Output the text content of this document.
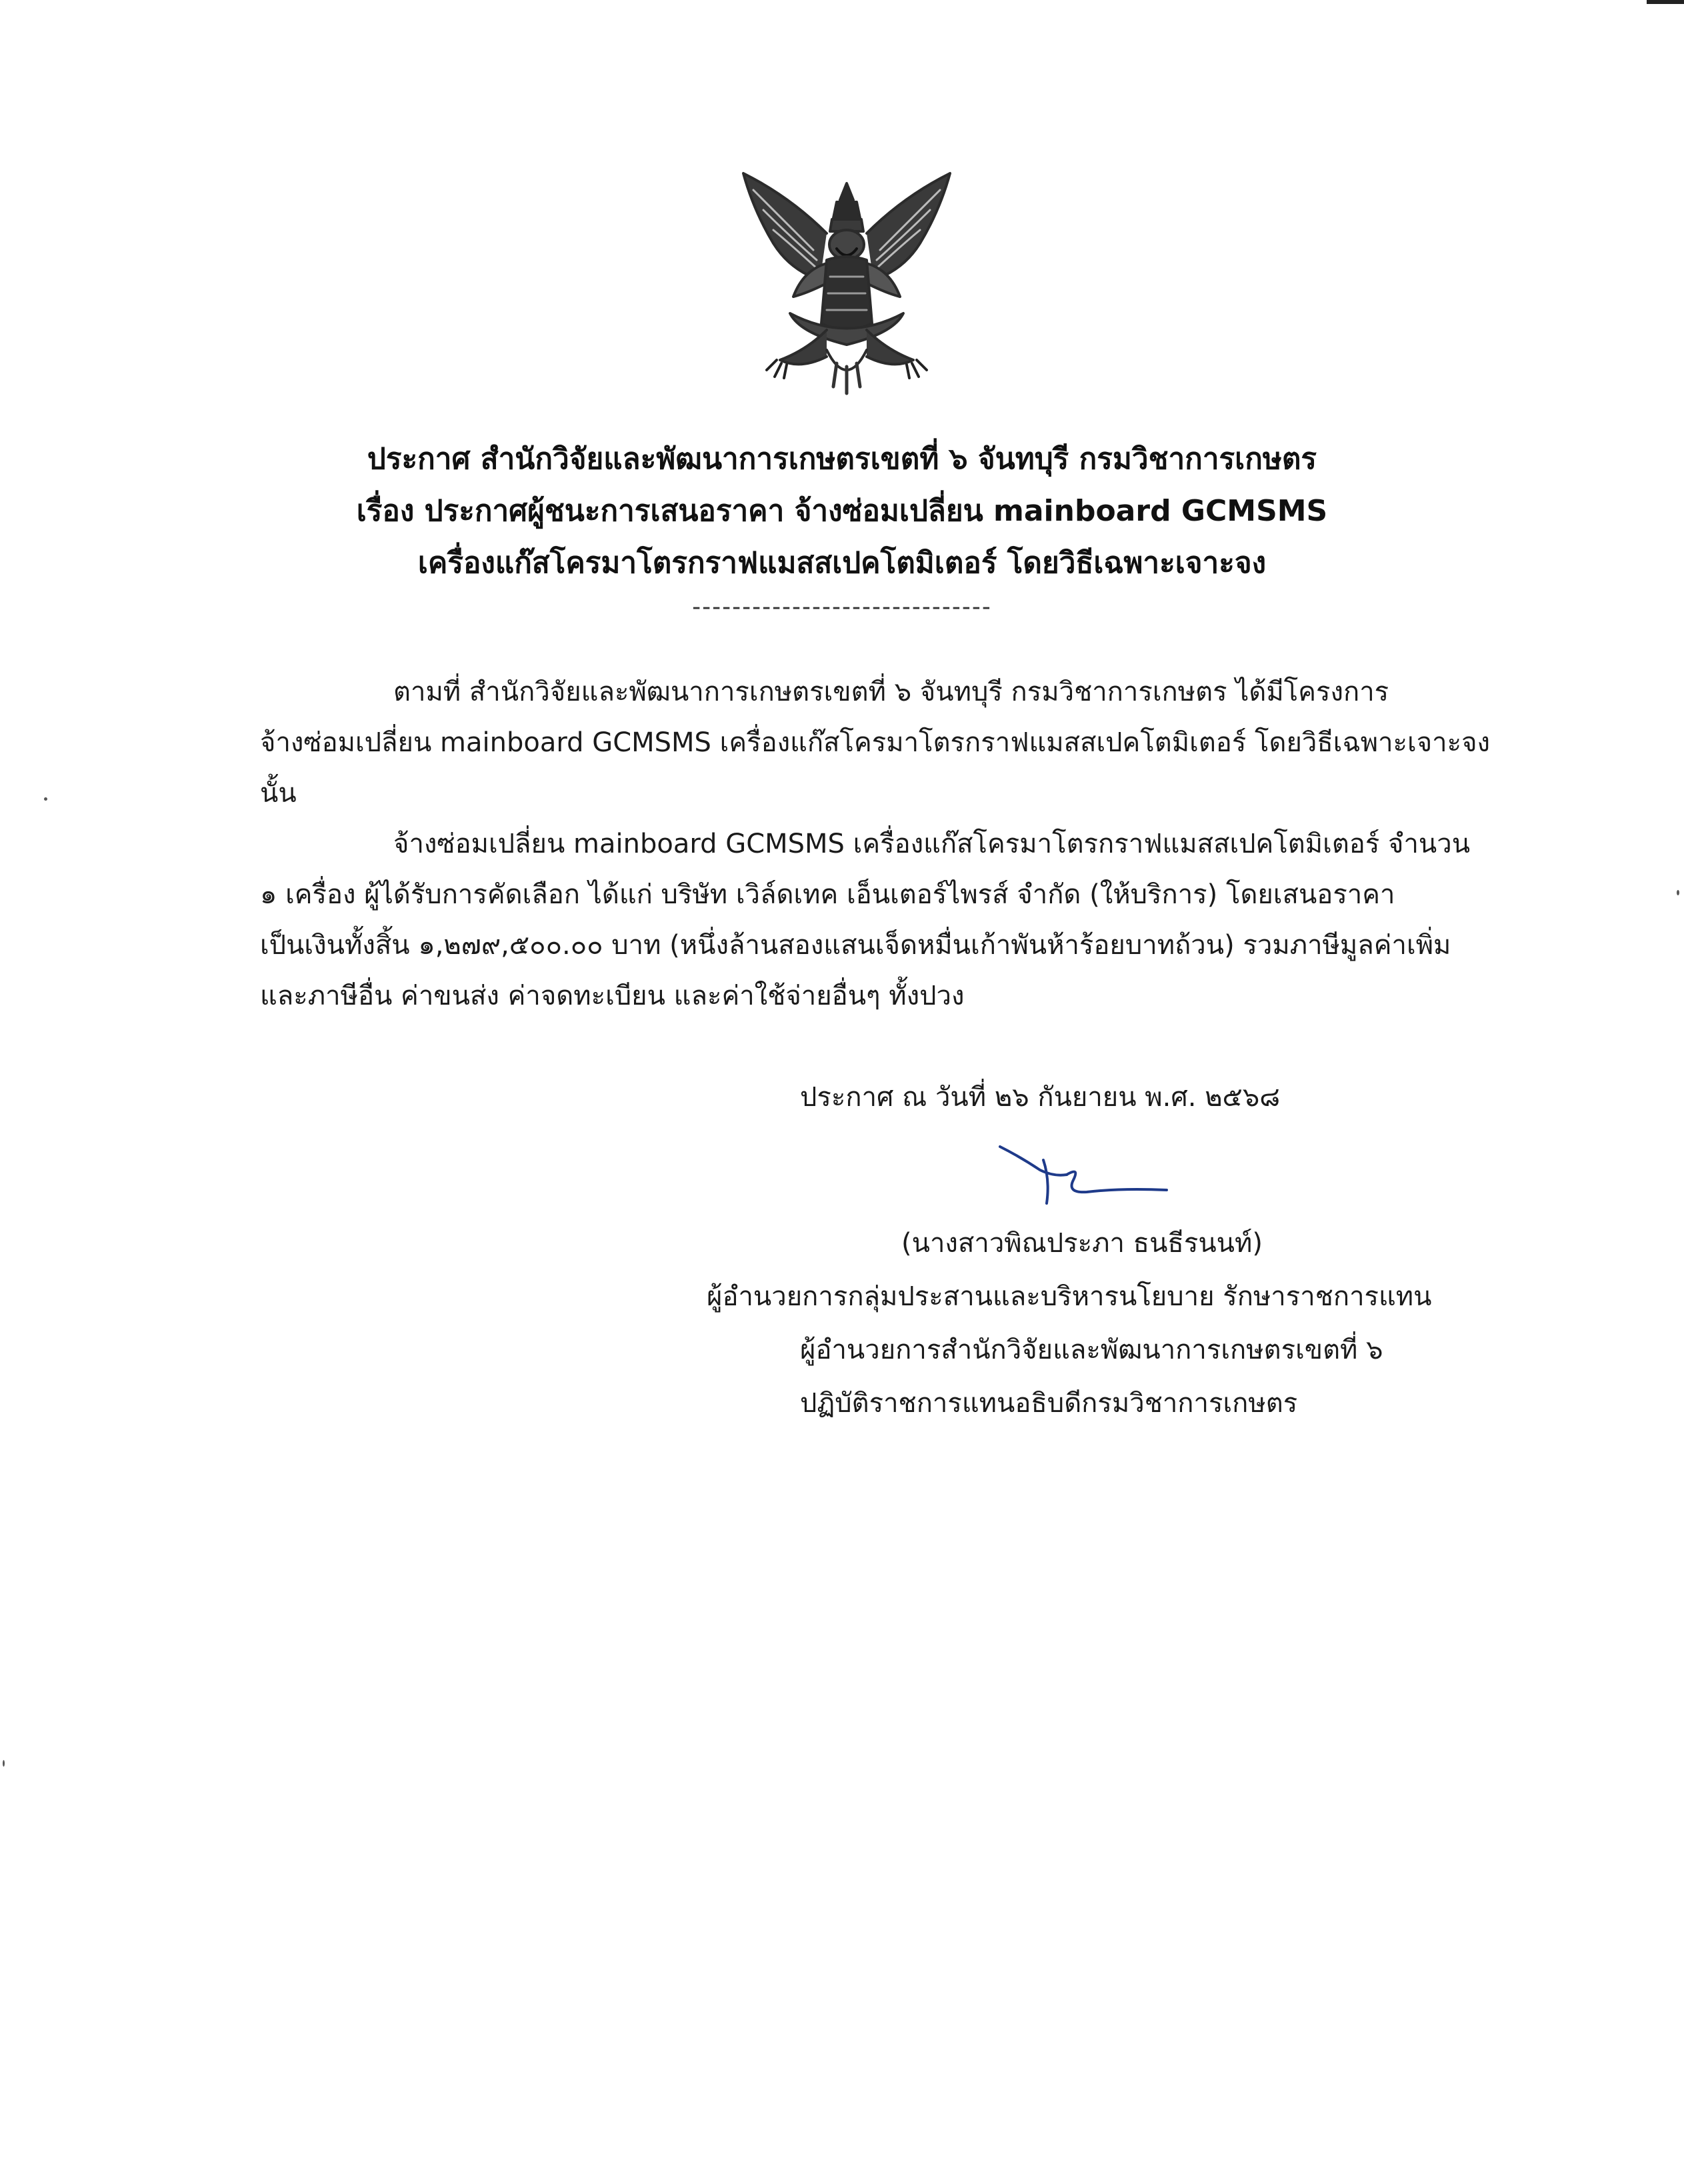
ประกาศ สำนักวิจัยและพัฒนาการเกษตรเขตที่ ๖ จันทบุรี กรมวิชาการเกษตร
เรื่อง ประกาศผู้ชนะการเสนอราคา จ้างซ่อมเปลี่ยน mainboard GCMSMS
เครื่องแก๊สโครมาโตรกราฟแมสสเปคโตมิเตอร์ โดยวิธีเฉพาะเจาะจง
------------------------------
ตามที่ สำนักวิจัยและพัฒนาการเกษตรเขตที่ ๖ จันทบุรี กรมวิชาการเกษตร ได้มีโครงการ
จ้างซ่อมเปลี่ยน mainboard GCMSMS เครื่องแก๊สโครมาโตรกราฟแมสสเปคโตมิเตอร์ โดยวิธีเฉพาะเจาะจง
นั้น
จ้างซ่อมเปลี่ยน mainboard GCMSMS เครื่องแก๊สโครมาโตรกราฟแมสสเปคโตมิเตอร์ จำนวน
๑ เครื่อง ผู้ได้รับการคัดเลือก ได้แก่ บริษัท เวิล์ดเทค เอ็นเตอร์ไพรส์ จำกัด (ให้บริการ) โดยเสนอราคา
เป็นเงินทั้งสิ้น ๑,๒๗๙,๕๐๐.๐๐ บาท (หนึ่งล้านสองแสนเจ็ดหมื่นเก้าพันห้าร้อยบาทถ้วน) รวมภาษีมูลค่าเพิ่ม
และภาษีอื่น ค่าขนส่ง ค่าจดทะเบียน และค่าใช้จ่ายอื่นๆ ทั้งปวง
ประกาศ ณ วันที่ ๒๖ กันยายน พ.ศ. ๒๕๖๘
(นางสาวพิณประภา ธนธีรนนท์)
ผู้อำนวยการกลุ่มประสานและบริหารนโยบาย รักษาราชการแทน
ผู้อำนวยการสำนักวิจัยและพัฒนาการเกษตรเขตที่ ๖
ปฏิบัติราชการแทนอธิบดีกรมวิชาการเกษตร
